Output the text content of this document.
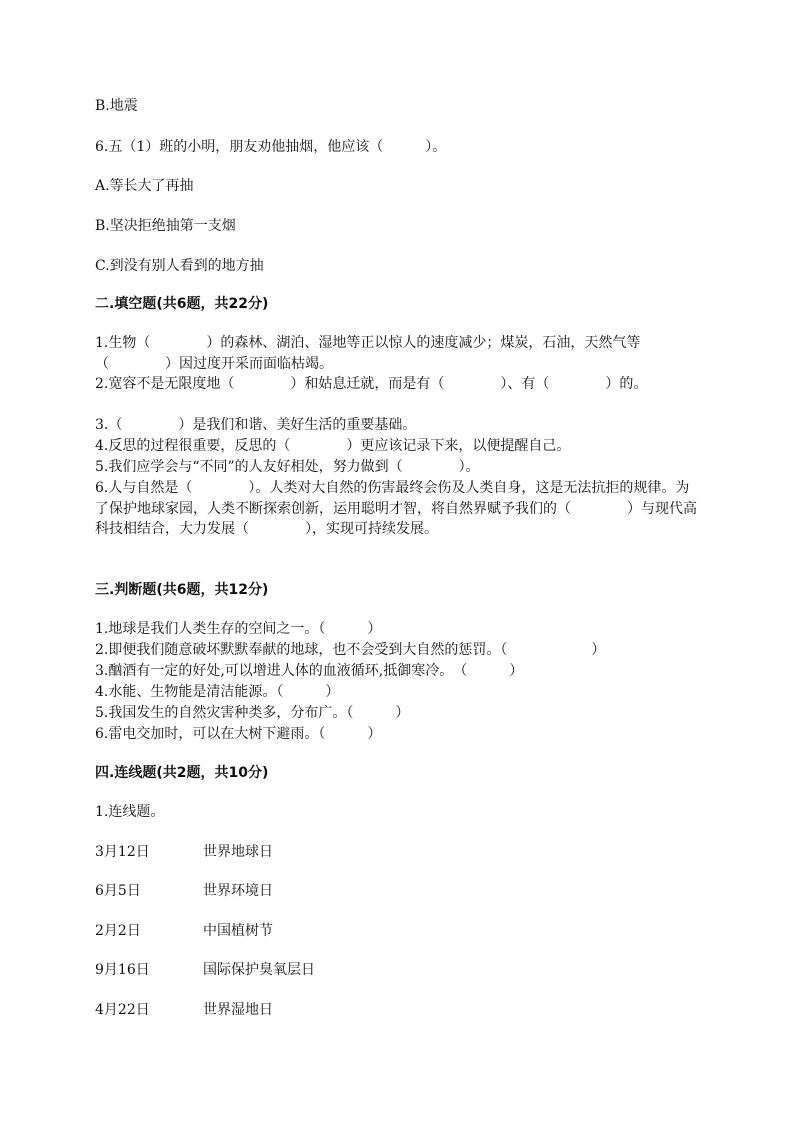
B.地震
6.五（1）班的小明，朋友劝他抽烟，他应该（　　　）。
A.等长大了再抽
B.坚决拒绝抽第一支烟
C.到没有别人看到的地方抽
二.填空题(共6题，共22分)
1.生物（　　　　）的森林、湖泊、湿地等正以惊人的速度减少；煤炭，石油，天然气等（　　　　）因过度开采而面临枯竭。
2.宽容不是无限度地（　　　　）和姑息迁就，而是有（　　　　）、有（　　　　）的。
3.（　　　　）是我们和谐、美好生活的重要基础。
4.反思的过程很重要，反思的（　　　　）更应该记录下来，以便提醒自己。
5.我们应学会与“不同”的人友好相处，努力做到（　　　　）。
6.人与自然是（　　　　）。人类对大自然的伤害最终会伤及人类自身，这是无法抗拒的规律。为了保护地球家园，人类不断探索创新，运用聪明才智，将自然界赋予我们的（　　　　）与现代高科技相结合，大力发展（　　　　），实现可持续发展。
三.判断题(共6题，共12分)
1.地球是我们人类生存的空间之一。（　　　）
2.即便我们随意破坏默默奉献的地球，也不会受到大自然的惩罚。（　　　　　　）
3.酗酒有一定的好处,可以增进人体的血液循环,抵御寒冷。　（　　　）
4.水能、生物能是清洁能源。（　　　）
5.我国发生的自然灾害种类多，分布广。（　　　）
6.雷电交加时，可以在大树下避雨。（　　　）
四.连线题(共2题，共10分)
1.连线题。
3月12日	世界地球日
6月5日	世界环境日
2月2日	中国植树节
9月16日	国际保护臭氧层日
4月22日	世界湿地日
